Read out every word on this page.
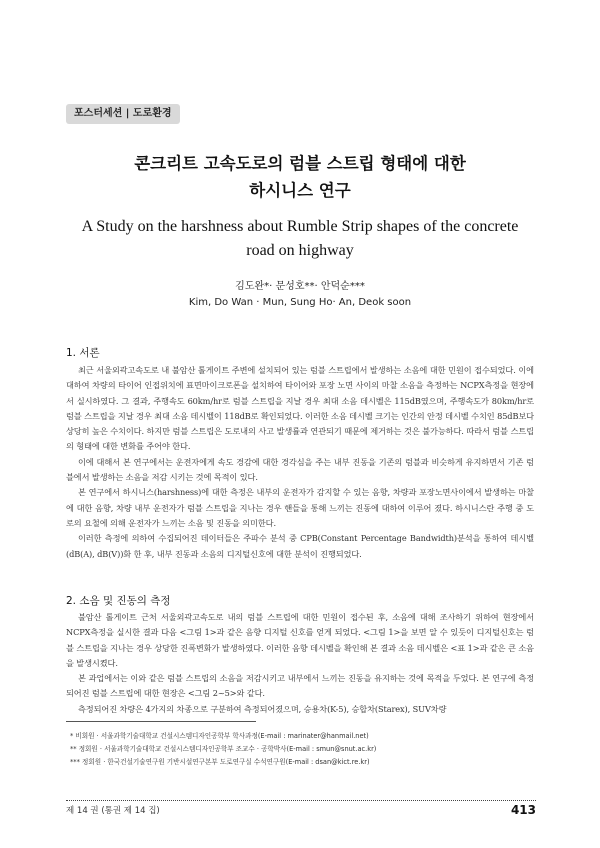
포스터세션 | 도로환경
콘크리트 고속도로의 럼블 스트립 형태에 대한
하시니스 연구
A Study on the harshness about Rumble Strip shapes of the concrete
road on highway
김도완*· 문성호**· 안덕순***
Kim, Do Wan · Mun, Sung Ho· An, Deok soon
1. 서론

최근 서울외곽고속도로 내 불암산 톨게이트 주변에 설치되어 있는 럼블 스트립에서 발생하는 소음에 대한 민원이 접수되었다. 이에 대하여 차량의 타이어 인접위치에 표면마이크로폰을 설치하여 타이어와 포장 노면 사이의 마찰 소음을 측정하는 NCPX측정을 현장에서 실시하였다. 그 결과, 주행속도 60km/hr로 럼블 스트립을 지날 경우 최대 소음 데시벨은 115dB였으며, 주행속도가 80km/hr로 럼블 스트립을 지날 경우 최대 소음 데시벨이 118dB로 확인되었다. 이러한 소음 데시벨 크기는 인간의 안정 데시벨 수치인 85dB보다 상당히 높은 수치이다. 하지만 럼블 스트립은 도로내의 사고 발생률과 연관되기 때문에 제거하는 것은 불가능하다. 따라서 럼블 스트립의 형태에 대한 변화를 주어야 한다.

이에 대해서 본 연구에서는 운전자에게 속도 경감에 대한 경각심을 주는 내부 진동을 기존의 럼블과 비슷하게 유지하면서 기존 럼블에서 발생하는 소음을 저감 시키는 것에 목적이 있다.

본 연구에서 하시니스(harshness)에 대한 측정은 내부의 운전자가 감지할 수 있는 음향, 차량과 포장노면사이에서 발생하는 마찰에 대한 음향, 차량 내부 운전자가 럼블 스트립을 지나는 경우 핸들을 통해 느끼는 진동에 대하여 이루어 졌다. 하시니스란 주행 중 도로의 요철에 의해 운전자가 느끼는 소음 및 진동을 의미한다.

이러한 측정에 의하여 수집되어진 데이터들은 주파수 분석 중 CPB(Constant Percentage Bandwidth)분석을 통하여 데시벨(dB(A), dB(V))화 한 후, 내부 진동과 소음의 디지털신호에 대한 분석이 진행되었다.

2. 소음 및 진동의 측정

불암산 톨게이트 근처 서울외곽고속도로 내의 럼블 스트립에 대한 민원이 접수된 후, 소음에 대해 조사하기 위하여 현장에서 NCPX측정을 실시한 결과 다음 <그림 1>과 같은 음향 디지털 신호를 얻게 되었다. <그림 1>을 보면 알 수 있듯이 디지털신호는 럼블 스트립을 지나는 경우 상당한 진폭변화가 발생하였다. 이러한 음향 데시벨을 확인해 본 결과 소음 데시벨은 <표 1>과 같은 큰 소음을 발생시켰다.

본 과업에서는 이와 같은 럼블 스트립의 소음을 저감시키고 내부에서 느끼는 진동을 유지하는 것에 목적을 두었다. 본 연구에 측정되어진 럼블 스트립에 대한 현장은 <그림 2~5>와 같다.

측정되어진 차량은 4가지의 차종으로 구분하여 측정되어졌으며, 승용차(K-5), 승합차(Starex), SUV차량

* 비회원 · 서울과학기술대학교 건설시스템디자인공학부 학사과정(E-mail : marinater@hanmail.net)
** 정회원 · 서울과학기술대학교 건설시스템디자인공학부 조교수 · 공학박사(E-mail : smun@snut.ac.kr)
*** 정회원 · 한국건설기술연구원 기반시설연구본부 도로연구실 수석연구원(E-mail : dsan@kict.re.kr)
제 14 권 (통권 제 14 집)	413
